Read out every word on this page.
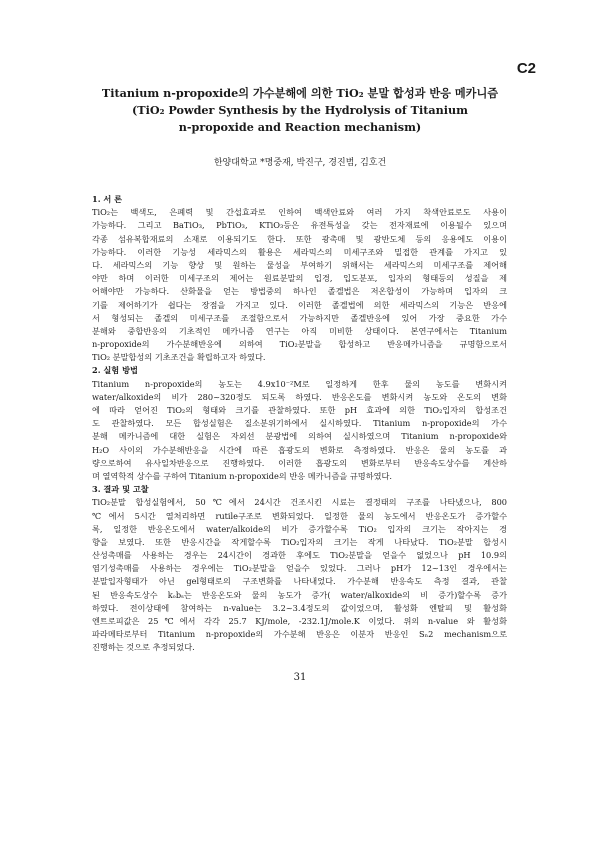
C2
Titanium n-propoxide의 가수분해에 의한 TiO₂ 분말 합성과 반응 메카니즘
(TiO₂ Powder Synthesis by the Hydrolysis of Titanium
n-propoxide and Reaction mechanism)
한양대학교 *명중재, 박진구, 경진범, 김호건
1. 서 론
TiO₂는 백색도, 은폐력 및 간섭효과로 인하여 백색안료와 여러 가지 착색안료로도 사용이
가능하다. 그리고 BaTiO₃, PbTiO₃, KTiO₃등은 유전특성을 갖는 전자재료에 이용될수 있으며
각종 섬유복합재료의 소재로 이용되기도 한다. 또한 광촉매 및 광반도체 등의 응용에도 이용이
가능하다. 이러한 기능성 세라믹스의 활용은 세라믹스의 미세구조와 밀접한 관계를 가지고 있
다. 세라믹스의 기능 향상 및 원하는 물성을 부여하기 위해서는 세라믹스의 미세구조를 제어해
야만 하며 이러한 미세구조의 제어는 원료분말의 입경, 입도분포, 입자의 형태등의 성질을 제
어해야만 가능하다. 산화물을 얻는 방법중의 하나인 졸겔법은 저온합성이 가능하며 입자의 크
기를 제어하기가 쉽다는 장점을 가지고 있다. 이러한 졸겔법에 의한 세라믹스의 기능은 반응에
서 형성되는 졸겔의 미세구조를 조절함으로서 가능하지만 졸겔반응에 있어 가장 중요한 가수
분해와 중합반응의 기초적인 메카니즘 연구는 아직 미비한 상태이다. 본연구에서는 Titanium
n-propoxide의 가수분해반응에 의하여 TiO₂분말을 합성하고 반응메카니즘을 규명함으로서
TiO₂ 분말합성의 기초조건을 확립하고자 하였다.
2. 실험 방법
Titanium n-propoxide의 농도는 4.9x10⁻²M로 일정하게 한후 물의 농도를 변화시켜
water/alkoxide의 비가 280~320정도 되도록 하였다. 반응온도를 변화시켜 농도와 온도의 변화
에 따라 얻어진 TiO₂의 형태와 크기를 관찰하였다. 또한 pH 효과에 의한 TiO₂입자의 합성조건
도 관찰하였다. 모든 합성실험은 질소분위기하에서 실시하였다. Titanium n-propoxide의 가수
분해 메카니즘에 대한 실험은 자외선 분광법에 의하여 실시하였으며 Titanium n-propoxide와
H₂O 사이의 가수분해반응을 시간에 따른 흡광도의 변화로 측정하였다. 반응은 물의 농도를 과
량으로하여 유사일차반응으로 진행하였다. 이러한 흡광도의 변화로부터 반응속도상수를 계산하
며 열역학적 상수를 구하여 Titanium n-propoxide의 반응 메카니즘을 규명하였다.
3. 결과 및 고찰
TiO₂분말 합성실험에서, 50℃에서 24시간 건조시킨 시료는 결정태의 구조를 나타냈으나, 800
℃에서 5시간 열처리하면 rutile구조로 변화되었다. 일정한 물의 농도에서 반응온도가 증가할수
록, 일정한 반응온도에서 water/alkoide의 비가 증가할수록 TiO₂ 입자의 크기는 작아지는 경
향을 보였다. 또한 반응시간을 작게할수록 TiO₂입자의 크기는 작게 나타났다. TiO₂분말 합성시
산성촉매를 사용하는 경우는 24시간이 경과한 후에도 TiO₂분말을 얻을수 없었으나 pH 10.9의
염기성촉매를 사용하는 경우에는 TiO₂분말을 얻을수 있었다. 그러나 pH가 12~13인 경우에서는
분말입자형태가 아닌 gel형태로의 구조변화를 나타내었다. 가수분해 반응속도 측정 결과, 관찰
된 반응속도상수 kₒbₛ는 반응온도와 물의 농도가 증가( water/alkoxide의 비 증가)할수록 증가
하였다. 전이상태에 참여하는 n-value는 3.2~3.4정도의 값이었으며, 활성화 엔탈피 및 활성화
엔트로피값은 25℃에서 각각 25.7 KJ/mole, -232.1J/mole.K 이었다. 위의 n-value 와 활성화
파라메타로부터 Titanium n-propoxide의 가수분해 반응은 이분자 반응인 Sₙ2 mechanism으로
진행하는 것으로 추정되었다.
31
